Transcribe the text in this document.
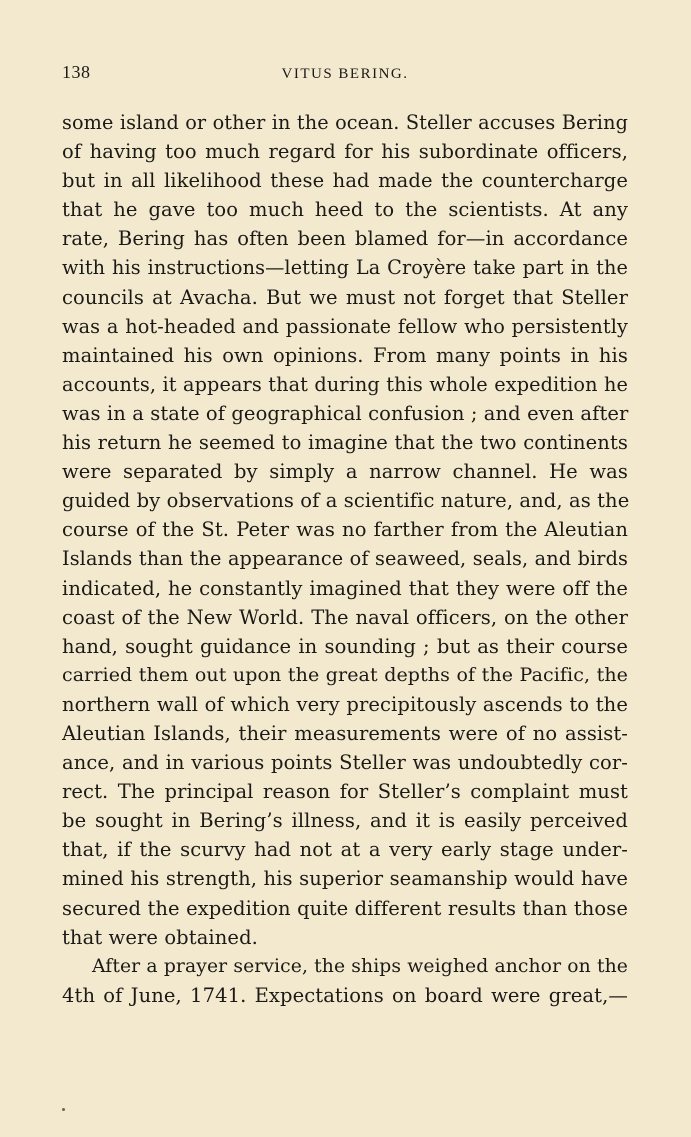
138	VITUS BERING.
some island or other in the ocean. Steller accuses Bering
of having too much regard for his subordinate officers,
but in all likelihood these had made the countercharge
that he gave too much heed to the scientists. At any
rate, Bering has often been blamed for—in accordance
with his instructions—letting La Croyère take part in the
councils at Avacha. But we must not forget that Steller
was a hot-headed and passionate fellow who persistently
maintained his own opinions. From many points in his
accounts, it appears that during this whole expedition he
was in a state of geographical confusion ; and even after
his return he seemed to imagine that the two continents
were separated by simply a narrow channel. He was
guided by observations of a scientific nature, and, as the
course of the St. Peter was no farther from the Aleutian
Islands than the appearance of seaweed, seals, and birds
indicated, he constantly imagined that they were off the
coast of the New World. The naval officers, on the other
hand, sought guidance in sounding ; but as their course
carried them out upon the great depths of the Pacific, the
northern wall of which very precipitously ascends to the
Aleutian Islands, their measurements were of no assist-
ance, and in various points Steller was undoubtedly cor-
rect. The principal reason for Steller’s complaint must
be sought in Bering’s illness, and it is easily perceived
that, if the scurvy had not at a very early stage under-
mined his strength, his superior seamanship would have
secured the expedition quite different results than those
that were obtained.
After a prayer service, the ships weighed anchor on the
4th of June, 1741. Expectations on board were great,—
